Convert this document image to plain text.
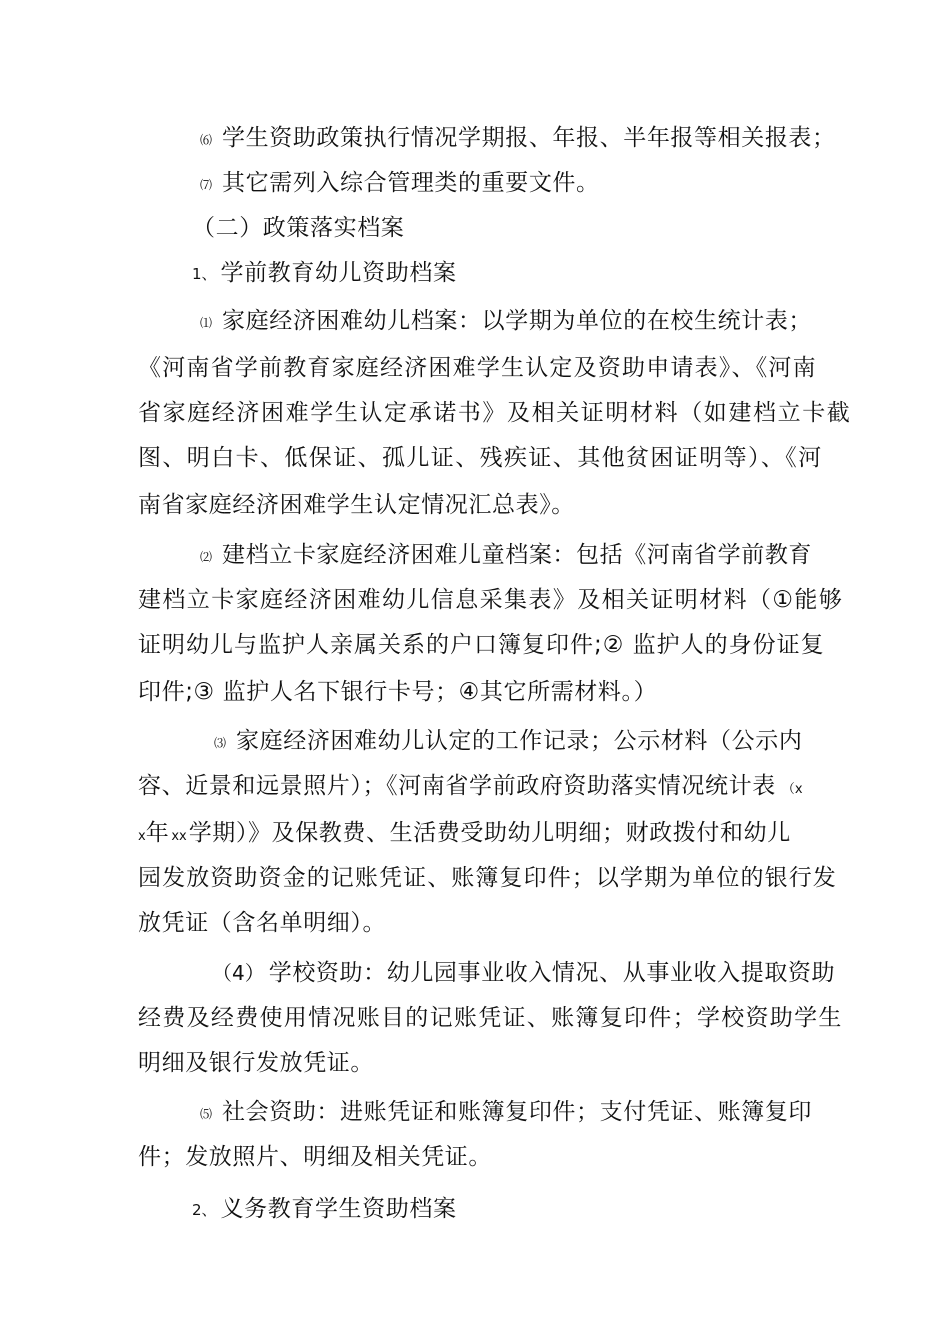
⑹ 学生资助政策执行情况学期报、年报、半年报等相关报表；
⑺ 其它需列入综合管理类的重要文件。
（二）政策落实档案
1、 学前教育幼儿资助档案
⑴ 家庭经济困难幼儿档案：以学期为单位的在校生统计表；
《河南省学前教育家庭经济困难学生认定及资助申请表》、《河南
省家庭经济困难学生认定承诺书》及相关证明材料（如建档立卡截
图、明白卡、低保证、孤儿证、残疾证、其他贫困证明等）、《河
南省家庭经济困难学生认定情况汇总表》。
⑵ 建档立卡家庭经济困难儿童档案：包括《河南省学前教育
建档立卡家庭经济困难幼儿信息采集表》及相关证明材料（①能够
证明幼儿与监护人亲属关系的户口簿复印件;② 监护人的身份证复
印件;③ 监护人名下银行卡号；④其它所需材料。）
⑶ 家庭经济困难幼儿认定的工作记录；公示材料（公示内
容、近景和远景照片）；《河南省学前政府资助落实情况统计表 （x
x年 xx学期）》及保教费、生活费受助幼儿明细；财政拨付和幼儿
园发放资助资金的记账凭证、账簿复印件；以学期为单位的银行发
放凭证（含名单明细）。
（4） 学校资助：幼儿园事业收入情况、从事业收入提取资助
经费及经费使用情况账目的记账凭证、账簿复印件；学校资助学生
明细及银行发放凭证。
⑸ 社会资助：进账凭证和账簿复印件；支付凭证、账簿复印
件；发放照片、明细及相关凭证。
2、 义务教育学生资助档案
